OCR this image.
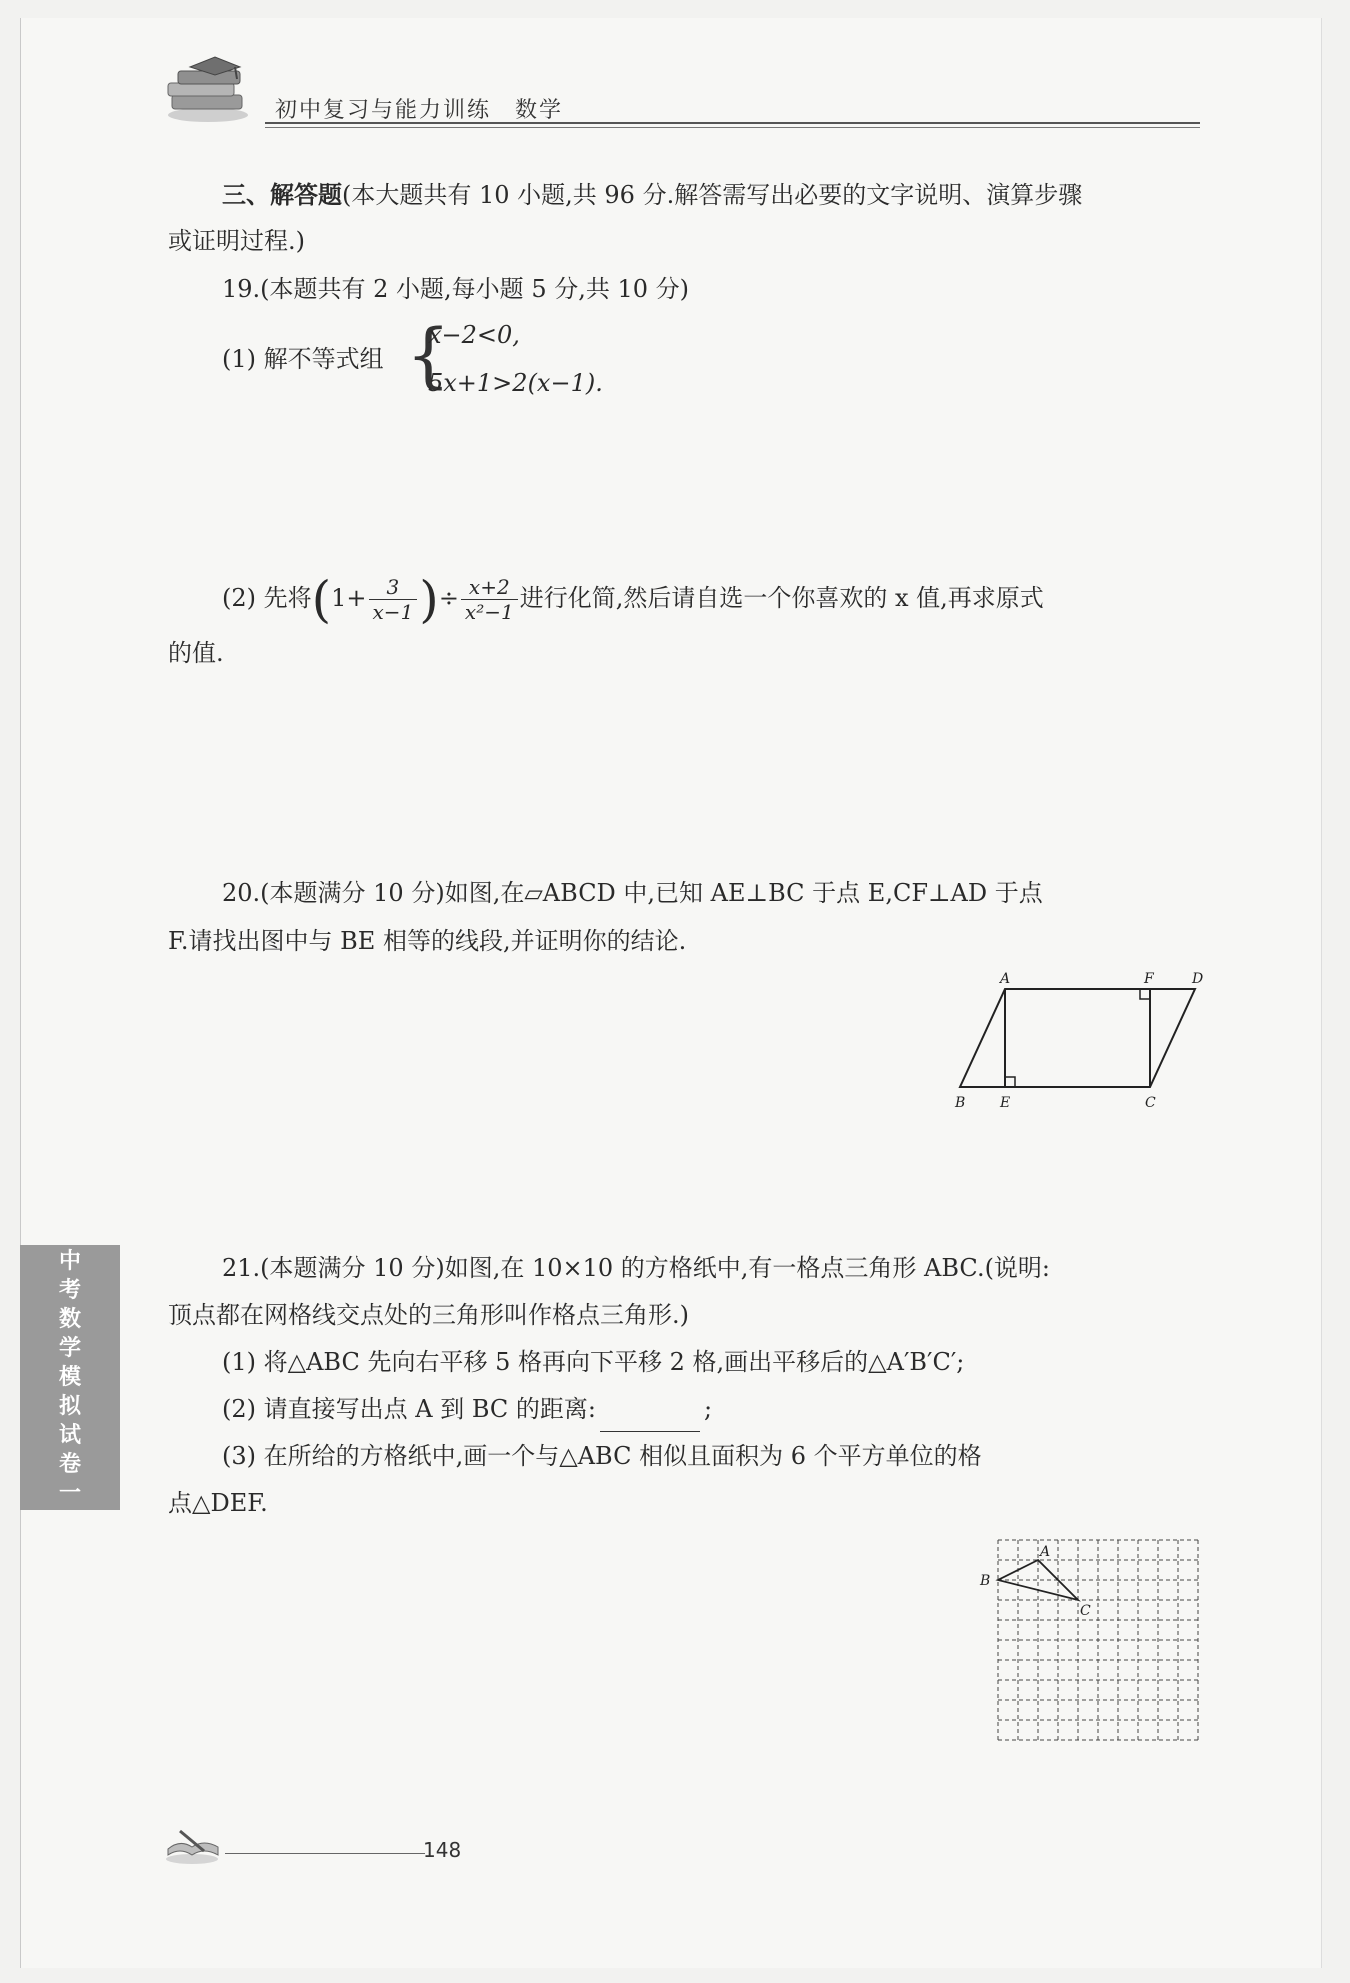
初中复习与能力训练　数学
三、解答题(本大题共有 10 小题,共 96 分.解答需写出必要的文字说明、演算步骤
或证明过程.)
19.(本题共有 2 小题,每小题 5 分,共 10 分)
(1) 解不等式组 {
x−2<0,
5x+1>2(x−1).
(2) 先将($1+ \frac{3}{x-1}$ )÷ $\frac{x+2}{\text{x²−1}}$ 进行化简,然后请自选一个你喜欢的 x 值,再求原式
的值.
20.(本题满分 10 分)如图,在▱ABCD 中,已知 AE⊥BC 于点 E,CF⊥AD 于点
F.请找出图中与 BE 相等的线段,并证明你的结论.
A	F	D
B E	C
中
考
数
学
模
拟
试
卷
一
21.(本题满分 10 分)如图,在 10×10 的方格纸中,有一格点三角形 ABC.(说明:
顶点都在网格线交点处的三角形叫作格点三角形.)
(1) 将△ABC 先向右平移 5 格再向下平移 2 格,画出平移后的△A′B′C′;
(2) 请直接写出点 A 到 BC 的距离:	;
(3) 在所给的方格纸中,画一个与△ABC 相似且面积为 6 个平方单位的格
点△DEF.
A
B
C
148
